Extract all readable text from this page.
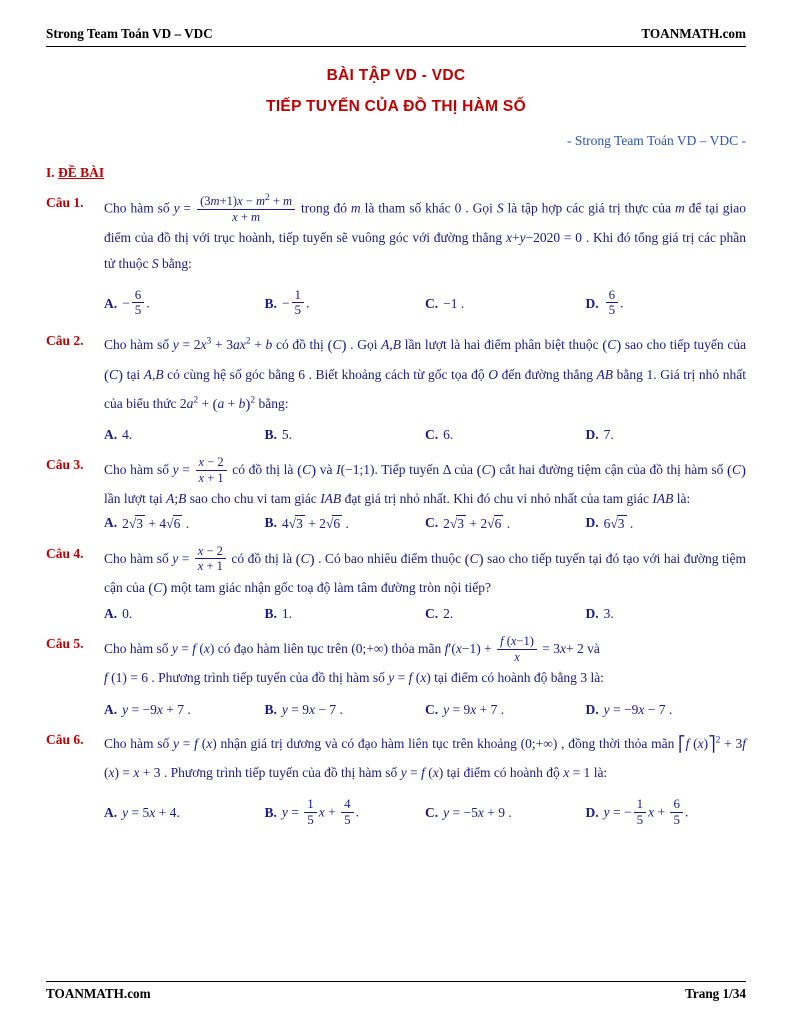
Strong Team Toán VD – VDC	TOANMATH.com
BÀI TẬP VD - VDC
TIẾP TUYẾN CỦA ĐỒ THỊ HÀM SỐ
- Strong Team Toán VD – VDC -
I. ĐỀ BÀI
Câu 1.	Cho hàm số $y = \frac{(3m+1)x - m^2 + m}{x + m}$ trong đó m là tham số khác 0 . Gọi S là tập hợp các giá trị thực của m để tại giao điểm của đồ thị với trục hoành, tiếp tuyến sẽ vuông góc với đường thẳng x+y−2020 = 0 . Khi đó tổng giá trị các phần tử thuộc S bằng:

A. − $\frac{6}{5}$ .	B. − $\frac{1}{5}$ .	C. −1 .	D. $\frac{6}{5}$ .
Câu 2.	Cho hàm số $y = 2x^3 + 3ax^2 + b$ có đồ thị (C) . Gọi A,B lần lượt là hai điểm phân biệt thuộc (C) sao cho tiếp tuyến của (C) tại A,B có cùng hệ số góc bằng 6 . Biết khoảng cách từ gốc tọa độ O đến đường thẳng AB bằng 1. Giá trị nhỏ nhất của biểu thức $2a^2 + (a + b)^2$ bằng:

A. 4.	B. 5.	C. 6.	D. 7.
Câu 3.	Cho hàm số $y = \frac{x - 2}{x + 1}$ có đồ thị là (C) và I(−1;1). Tiếp tuyến Δ của (C) cắt hai đường tiệm cận của đồ thị hàm số (C) lần lượt tại A;B sao cho chu vi tam giác IAB đạt giá trị nhỏ nhất. Khi đó chu vi nhỏ nhất của tam giác IAB là:

A. 2√3 + 4√6 .	B. 4√3 + 2√6 .	C. 2√3 + 2√6 .	D. 6√3 .
Câu 4.	Cho hàm số $y = \frac{x - 2}{x + 1}$ có đồ thị là (C) . Có bao nhiêu điểm thuộc (C) sao cho tiếp tuyến tại đó tạo với hai đường tiệm cận của (C) một tam giác nhận gốc toạ độ làm tâm đường tròn nội tiếp?

A. 0.	B. 1.	C. 2.	D. 3.
Câu 5.	Cho hàm số y = f (x) có đạo hàm liên tục trên (0;+∞) thỏa mãn $f'(x-1) + \frac{f (x-1)}{x} = 3x+ 2$ và

f (1) = 6 . Phương trình tiếp tuyến của đồ thị hàm số y = f (x) tại điểm có hoành độ bằng 3 là:

A. y = −9x + 7 .	B. y = 9x − 7 .	C. y = 9x + 7 .	D. y = −9x − 7 .
Câu 6.	Cho hàm số y = f (x) nhận giá trị dương và có đạo hàm liên tục trên khoảng (0;+∞) , đồng thời thỏa mãn ⎡f (x)⎤$^2$ + 3f (x) = x + 3 . Phương trình tiếp tuyến của đồ thị hàm số y = f (x) tại điểm có hoành độ x = 1 là:

A. y = 5x + 4.	B. $y = \frac{1}{5}$ $x + \frac{4}{5}$ .	C. y = −5x + 9 .	D. y = − $\frac{1}{5}$ $x + \frac{6}{5}$ .
TOANMATH.com	Trang 1/34
